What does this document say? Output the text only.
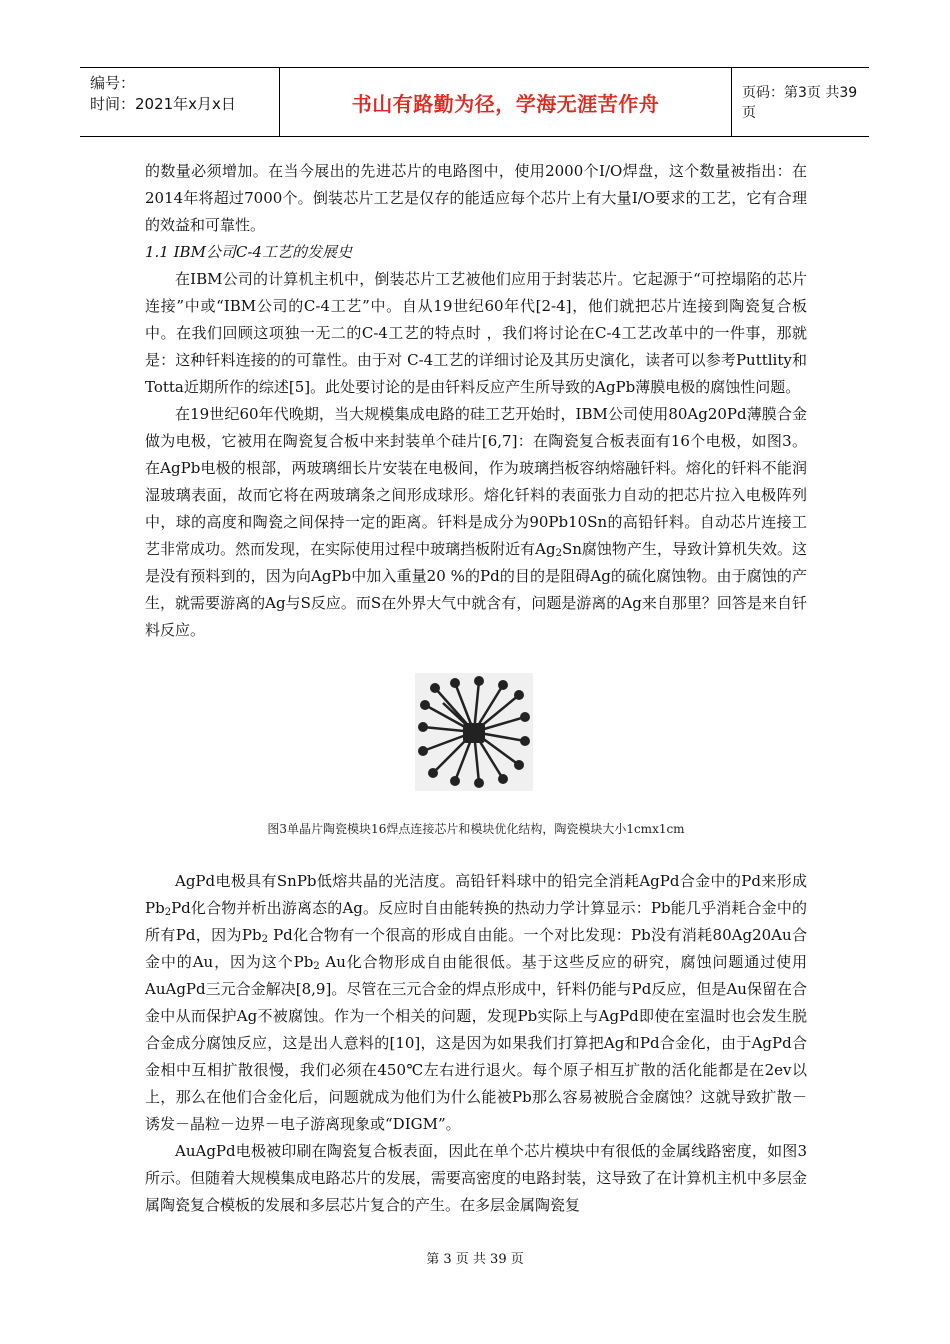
编号：
时间：2021年x月x日	书山有路勤为径，学海无涯苦作舟	页码：第3页 共39页

的数量必须增加。在当今展出的先进芯片的电路图中，使用2000个I/O焊盘，这个数量被指出：在2014年将超过7000个。倒装芯片工艺是仅存的能适应每个芯片上有大量I/O要求的工艺，它有合理的效益和可靠性。

1.1 IBM公司C-4工艺的发展史

在IBM公司的计算机主机中，倒装芯片工艺被他们应用于封装芯片。它起源于“可控塌陷的芯片连接”中或“IBM公司的C-4工艺”中。自从19世纪60年代[2-4]，他们就把芯片连接到陶瓷复合板中。在我们回顾这项独一无二的C-4工艺的特点时 ，我们将讨论在C-4工艺改革中的一件事，那就是：这种钎料连接的的可靠性。由于对 C-4工艺的详细讨论及其历史演化，读者可以参考Puttlity和Totta近期所作的综述[5]。此处要讨论的是由钎料反应产生所导致的AgPb薄膜电极的腐蚀性问题。

在19世纪60年代晚期，当大规模集成电路的硅工艺开始时，IBM公司使用80Ag20Pd薄膜合金做为电极，它被用在陶瓷复合板中来封装单个硅片[6,7]：在陶瓷复合板表面有16个电极，如图3。在AgPb电极的根部，两玻璃细长片安装在电极间，作为玻璃挡板容纳熔融钎料。熔化的钎料不能润湿玻璃表面，故而它将在两玻璃条之间形成球形。熔化钎料的表面张力自动的把芯片拉入电极阵列中，球的高度和陶瓷之间保持一定的距离。钎料是成分为90Pb10Sn的高铅钎料。自动芯片连接工艺非常成功。然而发现，在实际使用过程中玻璃挡板附近有$Ag_2Sn$腐蚀物产生，导致计算机失效。这是没有预料到的，因为向AgPb中加入重量20 %的Pd的目的是阻碍Ag的硫化腐蚀物。由于腐蚀的产生，就需要游离的Ag与S反应。而S在外界大气中就含有，问题是游离的Ag来自那里？回答是来自钎料反应。

图3单晶片陶瓷模块16焊点连接芯片和模块优化结构，陶瓷模块大小1cmx1cm

AgPd电极具有SnPb低熔共晶的光洁度。高铅钎料球中的铅完全消耗AgPd合金中的Pd来形成$Pb_2Pd$化合物并析出游离态的Ag。反应时自由能转换的热动力学计算显示：Pb能几乎消耗合金中的所有Pd，因为$Pb_2$ Pd化合物有一个很高的形成自由能。一个对比发现：Pb没有消耗80Ag20Au合金中的Au，因为这个$Pb_2$ Au化合物形成自由能很低。基于这些反应的研究，腐蚀问题通过使用AuAgPd三元合金解决[8,9]。尽管在三元合金的焊点形成中，钎料仍能与Pd反应，但是Au保留在合金中从而保护Ag不被腐蚀。作为一个相关的问题，发现Pb实际上与AgPd即使在室温时也会发生脱合金成分腐蚀反应，这是出人意料的[10]，这是因为如果我们打算把Ag和Pd合金化，由于AgPd合金相中互相扩散很慢，我们必须在450℃左右进行退火。每个原子相互扩散的活化能都是在2ev以上，那么在他们合金化后，问题就成为他们为什么能被Pb那么容易被脱合金腐蚀？这就导致扩散－诱发－晶粒－边界－电子游离现象或“DIGM”。

AuAgPd电极被印刷在陶瓷复合板表面，因此在单个芯片模块中有很低的金属线路密度，如图3所示。但随着大规模集成电路芯片的发展，需要高密度的电路封装，这导致了在计算机主机中多层金属陶瓷复合模板的发展和多层芯片复合的产生。在多层金属陶瓷复

第 3 页 共 39 页
